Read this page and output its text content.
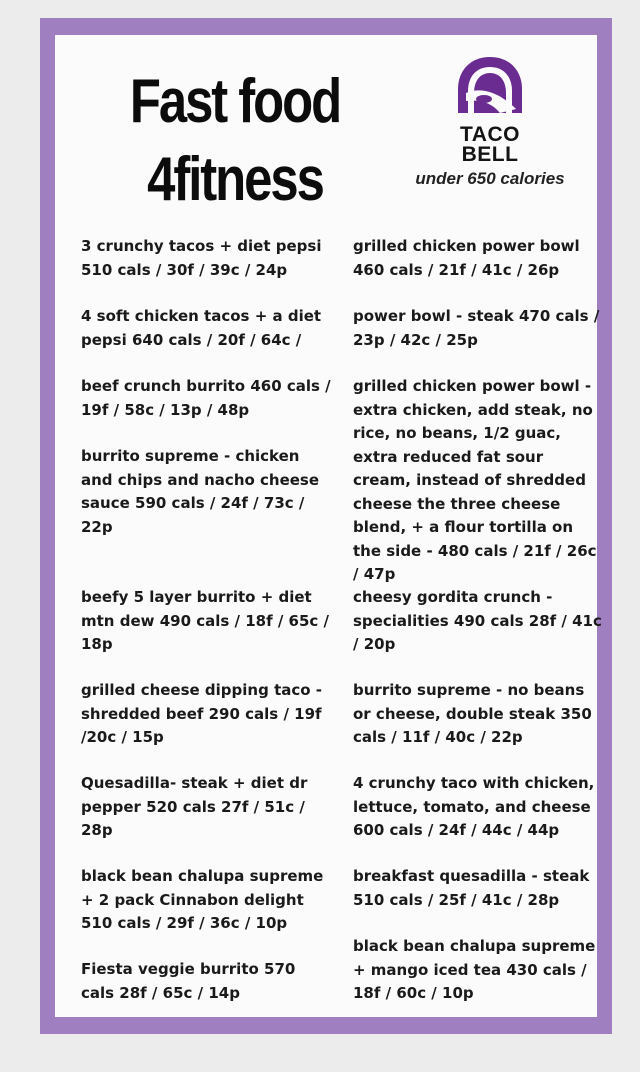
Fast food
4fitness
TACO
BELL
under 650 calories
3 crunchy tacos + diet pepsi 510 cals / 30f / 39c / 24p
4 soft chicken tacos + a diet pepsi 640 cals / 20f / 64c /
beef crunch burrito 460 cals / 19f / 58c / 13p / 48p
burrito supreme - chicken and chips and nacho cheese sauce 590 cals / 24f / 73c / 22p
beefy 5 layer burrito + diet mtn dew 490 cals / 18f / 65c / 18p
grilled cheese dipping taco - shredded beef 290 cals / 19f /20c / 15p
Quesadilla- steak + diet dr pepper 520 cals 27f / 51c / 28p
black bean chalupa supreme + 2 pack Cinnabon delight 510 cals / 29f / 36c / 10p
Fiesta veggie burrito 570 cals 28f / 65c / 14p
grilled chicken power bowl 460 cals / 21f / 41c / 26p
power bowl - steak 470 cals / 23p / 42c / 25p
grilled chicken power bowl - extra chicken, add steak, no rice, no beans, 1/2 guac, extra reduced fat sour cream, instead of shredded cheese the three cheese blend, + a flour tortilla on the side - 480 cals / 21f / 26c / 47p
cheesy gordita crunch - specialities 490 cals 28f / 41c / 20p
burrito supreme - no beans or cheese, double steak 350 cals / 11f / 40c / 22p
4 crunchy taco with chicken, lettuce, tomato, and cheese 600 cals / 24f / 44c / 44p
breakfast quesadilla - steak 510 cals / 25f / 41c / 28p
black bean chalupa supreme + mango iced tea 430 cals / 18f / 60c / 10p
